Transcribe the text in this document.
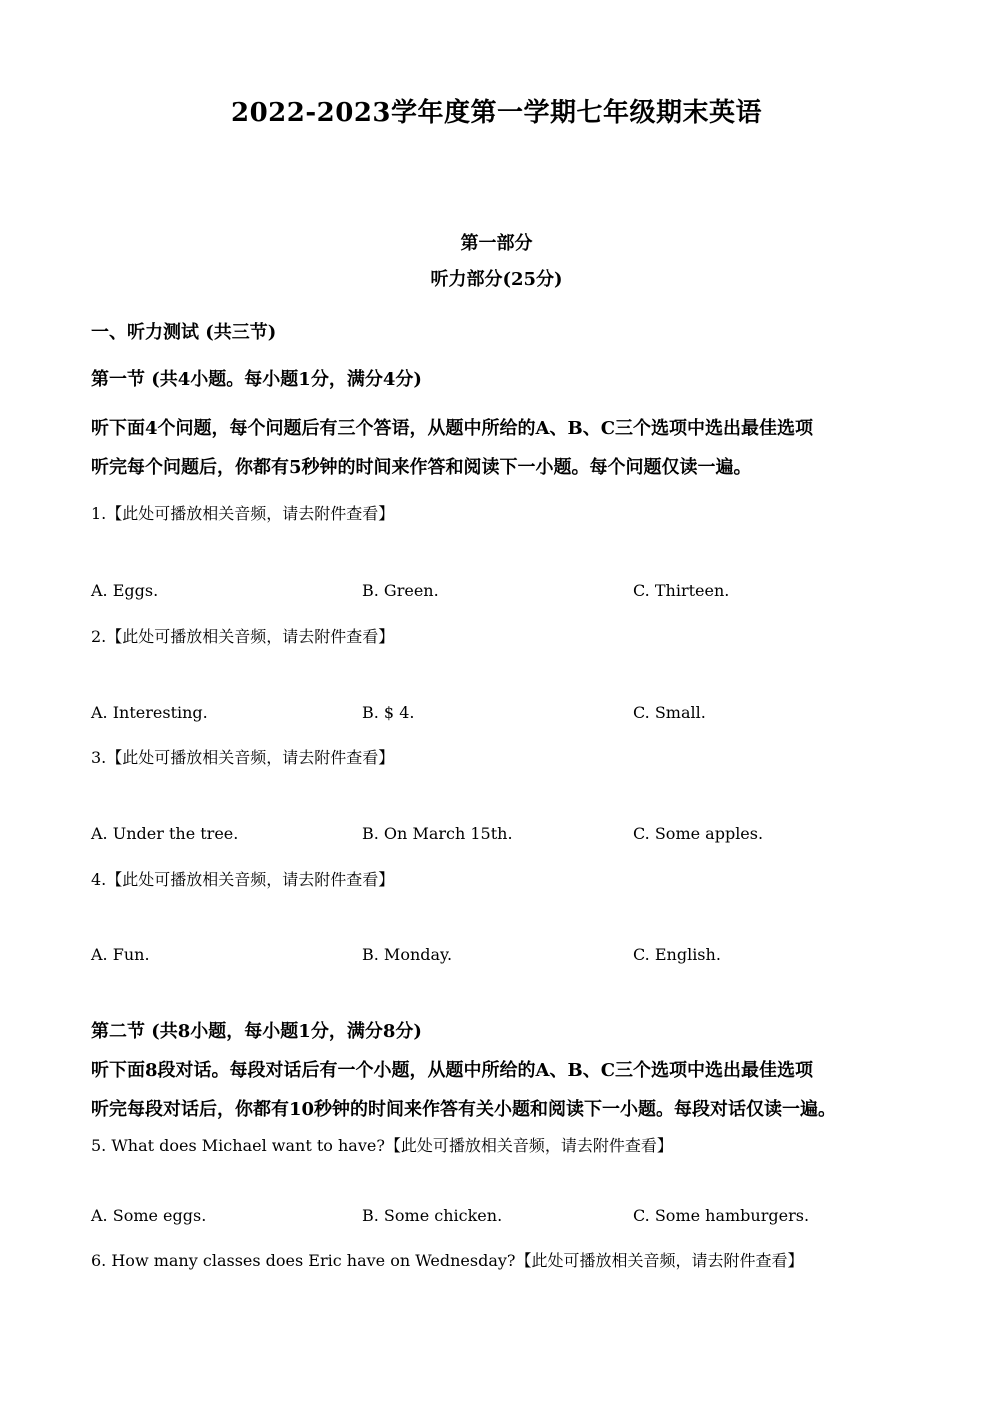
2022-2023学年度第一学期七年级期末英语
第一部分
听力部分(25分)
一、听力测试 (共三节)
第一节 (共4小题。每小题1分，满分4分)
听下面4个问题，每个问题后有三个答语，从题中所给的A、B、C三个选项中选出最佳选项
听完每个问题后，你都有5秒钟的时间来作答和阅读下一小题。每个问题仅读一遍。
1.【此处可播放相关音频，请去附件查看】
A. Eggs.	B. Green.	C. Thirteen.
2.【此处可播放相关音频，请去附件查看】
A. Interesting.	B. $ 4.	C. Small.
3.【此处可播放相关音频，请去附件查看】
A. Under the tree.	B. On March 15th.	C. Some apples.
4.【此处可播放相关音频，请去附件查看】
A. Fun.	B. Monday.	C. English.
第二节 (共8小题，每小题1分，满分8分)
听下面8段对话。每段对话后有一个小题，从题中所给的A、B、C三个选项中选出最佳选项
听完每段对话后，你都有10秒钟的时间来作答有关小题和阅读下一小题。每段对话仅读一遍。
5. What does Michael want to have?【此处可播放相关音频，请去附件查看】
A. Some eggs.	B. Some chicken.	C. Some hamburgers.
6. How many classes does Eric have on Wednesday?【此处可播放相关音频，请去附件查看】
